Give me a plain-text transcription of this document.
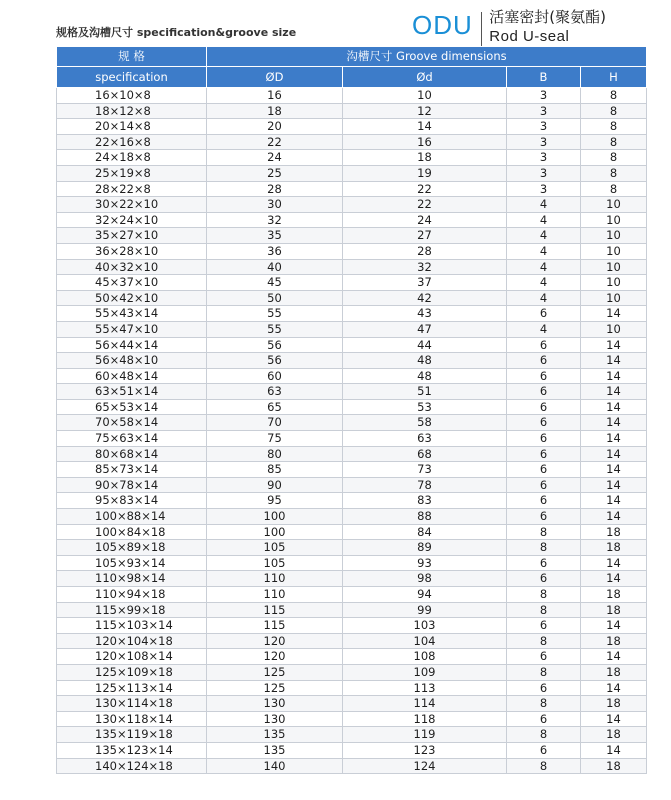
规格及沟槽尺寸 specification&groove size	ODU 活塞密封(聚氨酯)
Rod U-seal
规 格	沟槽尺寸 Groove dimensions			
specification	ØD	Ød	B	H
16×10×8	16	10	3	8
18×12×8	18	12	3	8
20×14×8	20	14	3	8
22×16×8	22	16	3	8
24×18×8	24	18	3	8
25×19×8	25	19	3	8
28×22×8	28	22	3	8
30×22×10	30	22	4	10
32×24×10	32	24	4	10
35×27×10	35	27	4	10
36×28×10	36	28	4	10
40×32×10	40	32	4	10
45×37×10	45	37	4	10
50×42×10	50	42	4	10
55×43×14	55	43	6	14
55×47×10	55	47	4	10
56×44×14	56	44	6	14
56×48×10	56	48	6	14
60×48×14	60	48	6	14
63×51×14	63	51	6	14
65×53×14	65	53	6	14
70×58×14	70	58	6	14
75×63×14	75	63	6	14
80×68×14	80	68	6	14
85×73×14	85	73	6	14
90×78×14	90	78	6	14
95×83×14	95	83	6	14
100×88×14	100	88	6	14
100×84×18	100	84	8	18
105×89×18	105	89	8	18
105×93×14	105	93	6	14
110×98×14	110	98	6	14
110×94×18	110	94	8	18
115×99×18	115	99	8	18
115×103×14	115	103	6	14
120×104×18	120	104	8	18
120×108×14	120	108	6	14
125×109×18	125	109	8	18
125×113×14	125	113	6	14
130×114×18	130	114	8	18
130×118×14	130	118	6	14
135×119×18	135	119	8	18
135×123×14	135	123	6	14
140×124×18	140	124	8	18
